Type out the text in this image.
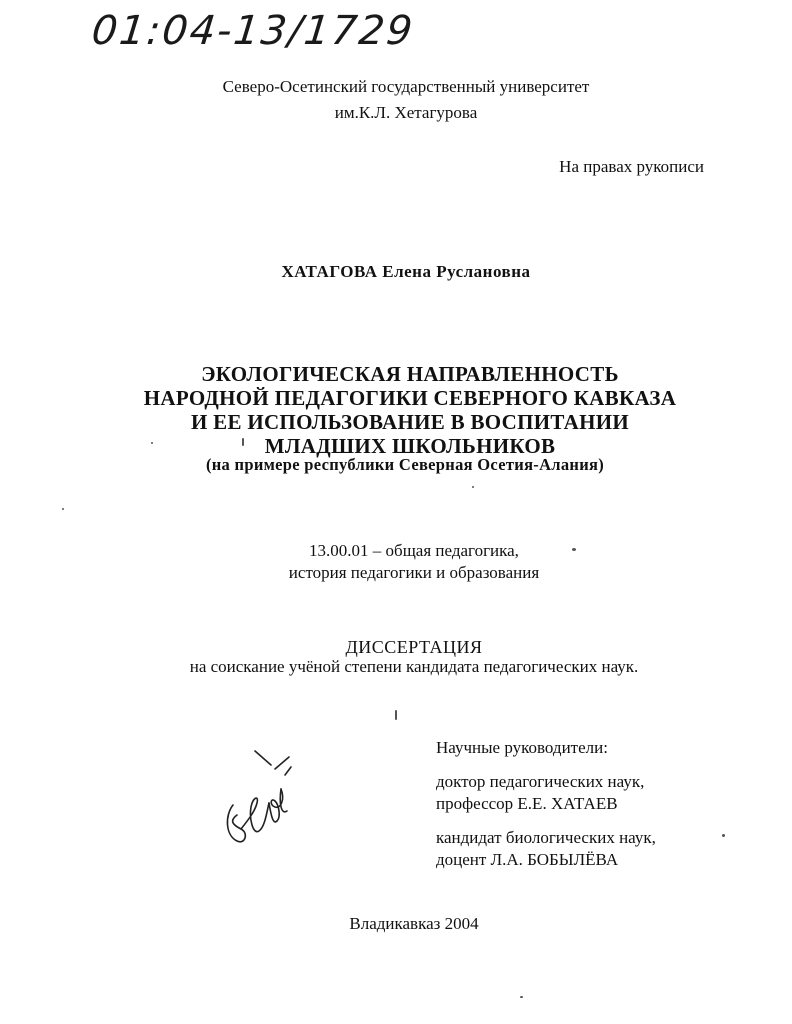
01:04-13/1729
Северо-Осетинский государственный университет
им.К.Л. Хетагурова
На правах рукописи
ХАТАГОВА Елена Руслановна
ЭКОЛОГИЧЕСКАЯ НАПРАВЛЕННОСТЬ
НАРОДНОЙ ПЕДАГОГИКИ СЕВЕРНОГО КАВКАЗА
И ЕЕ ИСПОЛЬЗОВАНИЕ В ВОСПИТАНИИ
МЛАДШИХ ШКОЛЬНИКОВ
(на примере республики Северная Осетия-Алания)
13.00.01 – общая педагогика,
история педагогики и образования
ДИССЕРТАЦИЯ
на соискание учёной степени кандидата педагогических наук.
Научные руководители:
доктор педагогических наук,
профессор Е.Е. ХАТАЕВ
кандидат биологических наук,
доцент Л.А. БОБЫЛЁВА
Владикавказ 2004
